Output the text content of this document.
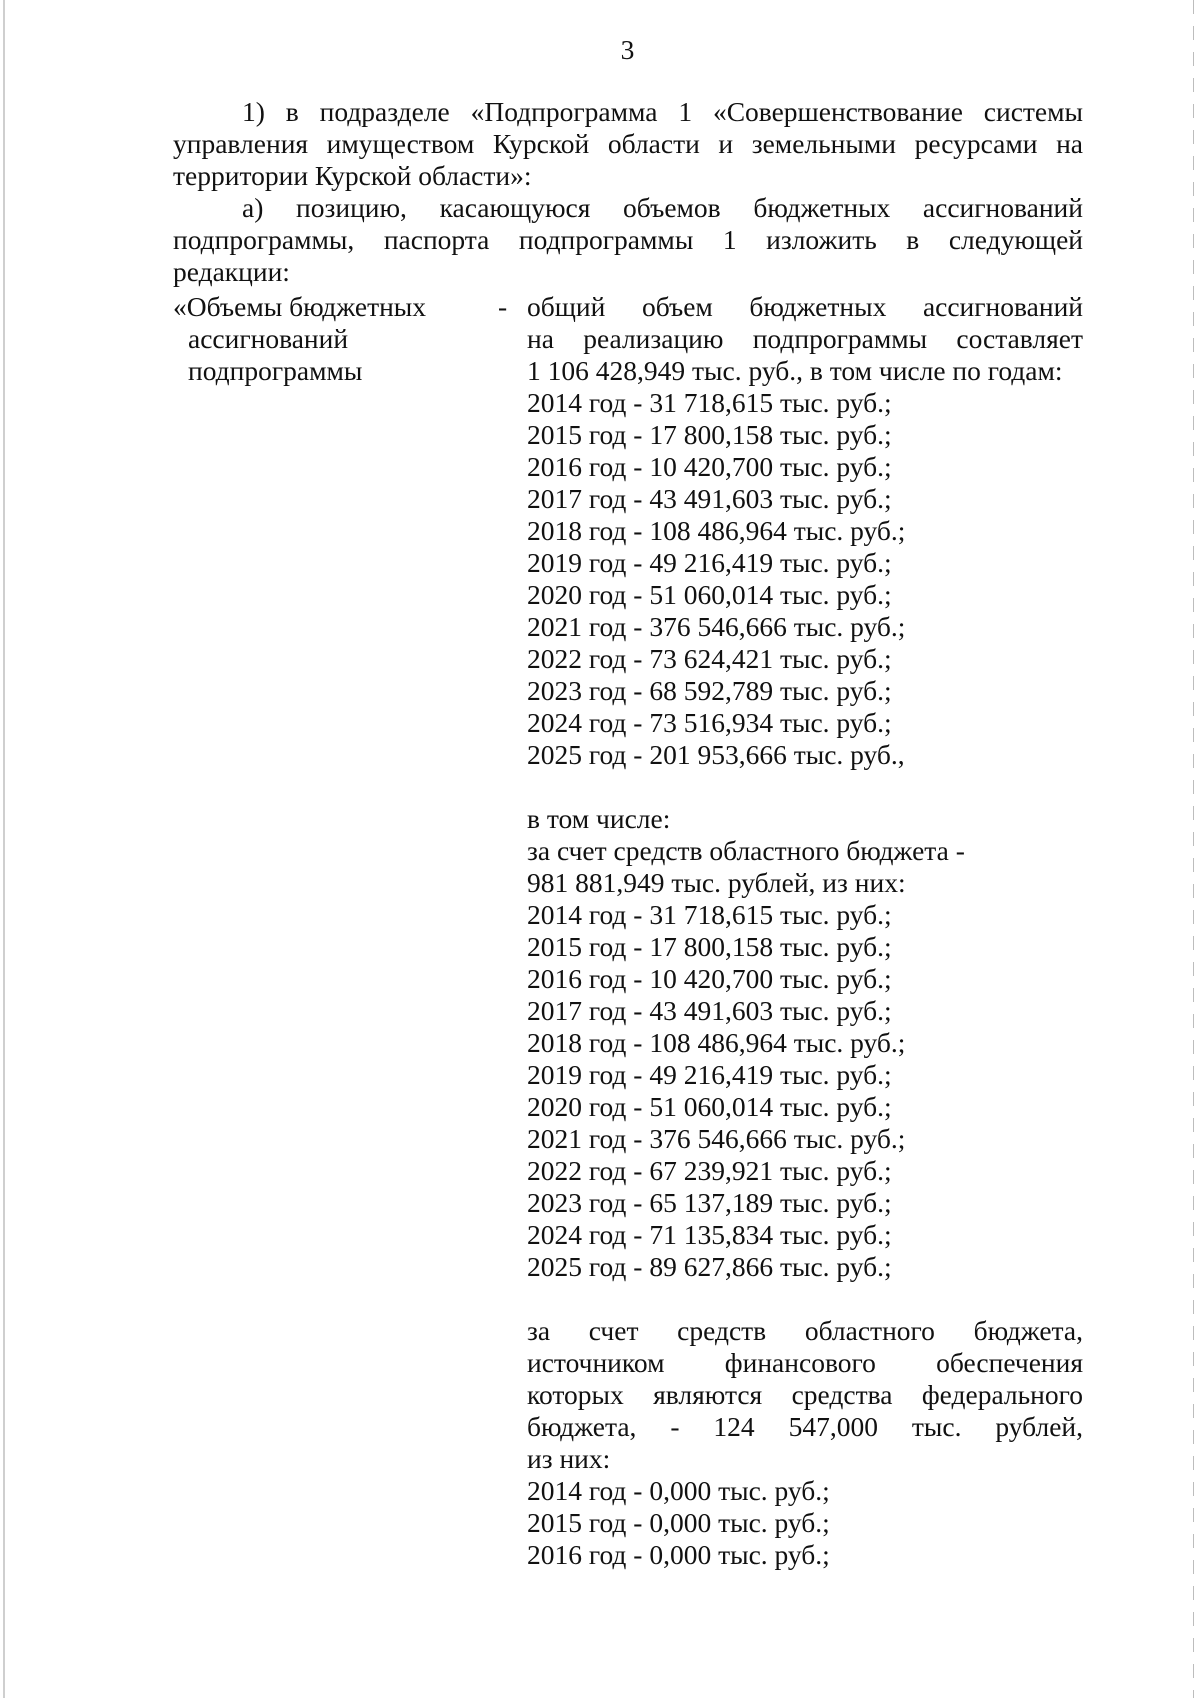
3
1) в подразделе «Подпрограмма 1 «Совершенствование системы
управления имуществом Курской области и земельными ресурсами на
территории Курской области»:
а) позицию, касающуюся объемов бюджетных ассигнований
подпрограммы, паспорта подпрограммы 1 изложить в следующей
редакции:
«Объемы бюджетных
ассигнований
подпрограммы
- общий объем бюджетных ассигнований
на реализацию подпрограммы составляет
1 106 428,949 тыс. руб., в том числе по годам:
2014 год - 31 718,615 тыс. руб.;
2015 год - 17 800,158 тыс. руб.;
2016 год - 10 420,700 тыс. руб.;
2017 год - 43 491,603 тыс. руб.;
2018 год - 108 486,964 тыс. руб.;
2019 год - 49 216,419 тыс. руб.;
2020 год - 51 060,014 тыс. руб.;
2021 год - 376 546,666 тыс. руб.;
2022 год - 73 624,421 тыс. руб.;
2023 год - 68 592,789 тыс. руб.;
2024 год - 73 516,934 тыс. руб.;
2025 год - 201 953,666 тыс. руб.,
в том числе:
за счет средств областного бюджета -
981 881,949 тыс. рублей, из них:
2014 год - 31 718,615 тыс. руб.;
2015 год - 17 800,158 тыс. руб.;
2016 год - 10 420,700 тыс. руб.;
2017 год - 43 491,603 тыс. руб.;
2018 год - 108 486,964 тыс. руб.;
2019 год - 49 216,419 тыс. руб.;
2020 год - 51 060,014 тыс. руб.;
2021 год - 376 546,666 тыс. руб.;
2022 год - 67 239,921 тыс. руб.;
2023 год - 65 137,189 тыс. руб.;
2024 год - 71 135,834 тыс. руб.;
2025 год - 89 627,866 тыс. руб.;
за счет средств областного бюджета,
источником финансового обеспечения
которых являются средства федерального
бюджета, - 124 547,000 тыс. рублей,
из них:
2014 год - 0,000 тыс. руб.;
2015 год - 0,000 тыс. руб.;
2016 год - 0,000 тыс. руб.;
